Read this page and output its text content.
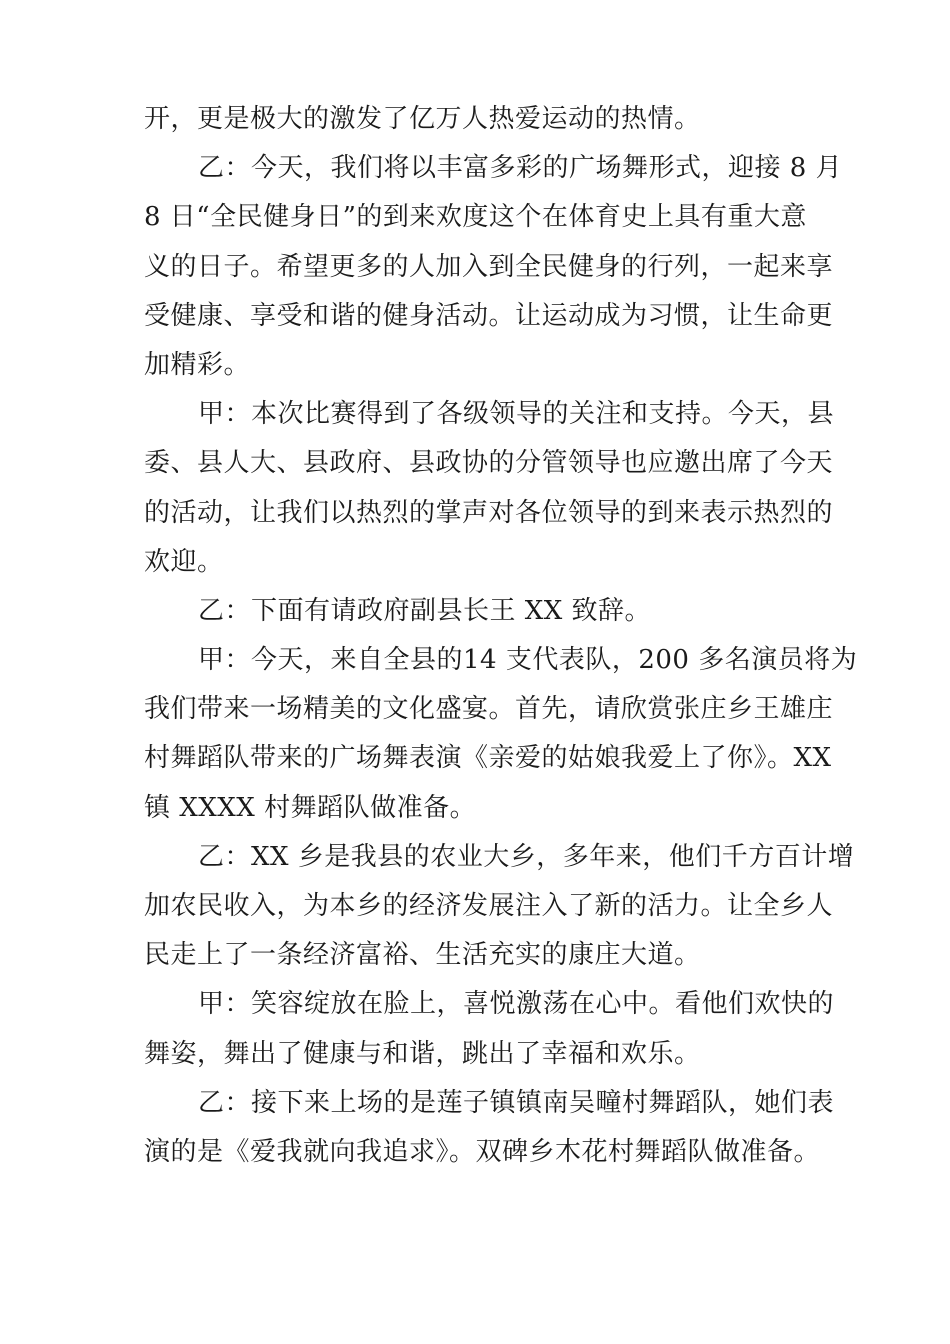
开，更是极大的激发了亿万人热爱运动的热情。
乙：今天，我们将以丰富多彩的广场舞形式，迎接 8 月
8 日“全民健身日”的到来欢度这个在体育史上具有重大意
义的日子。希望更多的人加入到全民健身的行列，一起来享
受健康、享受和谐的健身活动。让运动成为习惯，让生命更
加精彩。
甲：本次比赛得到了各级领导的关注和支持。今天，县
委、县人大、县政府、县政协的分管领导也应邀出席了今天
的活动，让我们以热烈的掌声对各位领导的到来表示热烈的
欢迎。
乙：下面有请政府副县长王 XX 致辞。
甲：今天，来自全县的14 支代表队，200 多名演员将为
我们带来一场精美的文化盛宴。首先，请欣赏张庄乡王雄庄
村舞蹈队带来的广场舞表演《亲爱的姑娘我爱上了你》。XX
镇 XXXX 村舞蹈队做准备。
乙：XX 乡是我县的农业大乡，多年来，他们千方百计增
加农民收入，为本乡的经济发展注入了新的活力。让全乡人
民走上了一条经济富裕、生活充实的康庄大道。
甲：笑容绽放在脸上，喜悦激荡在心中。看他们欢快的
舞姿，舞出了健康与和谐，跳出了幸福和欢乐。
乙：接下来上场的是莲子镇镇南吴疃村舞蹈队，她们表
演的是《爱我就向我追求》。双碑乡木花村舞蹈队做准备。
